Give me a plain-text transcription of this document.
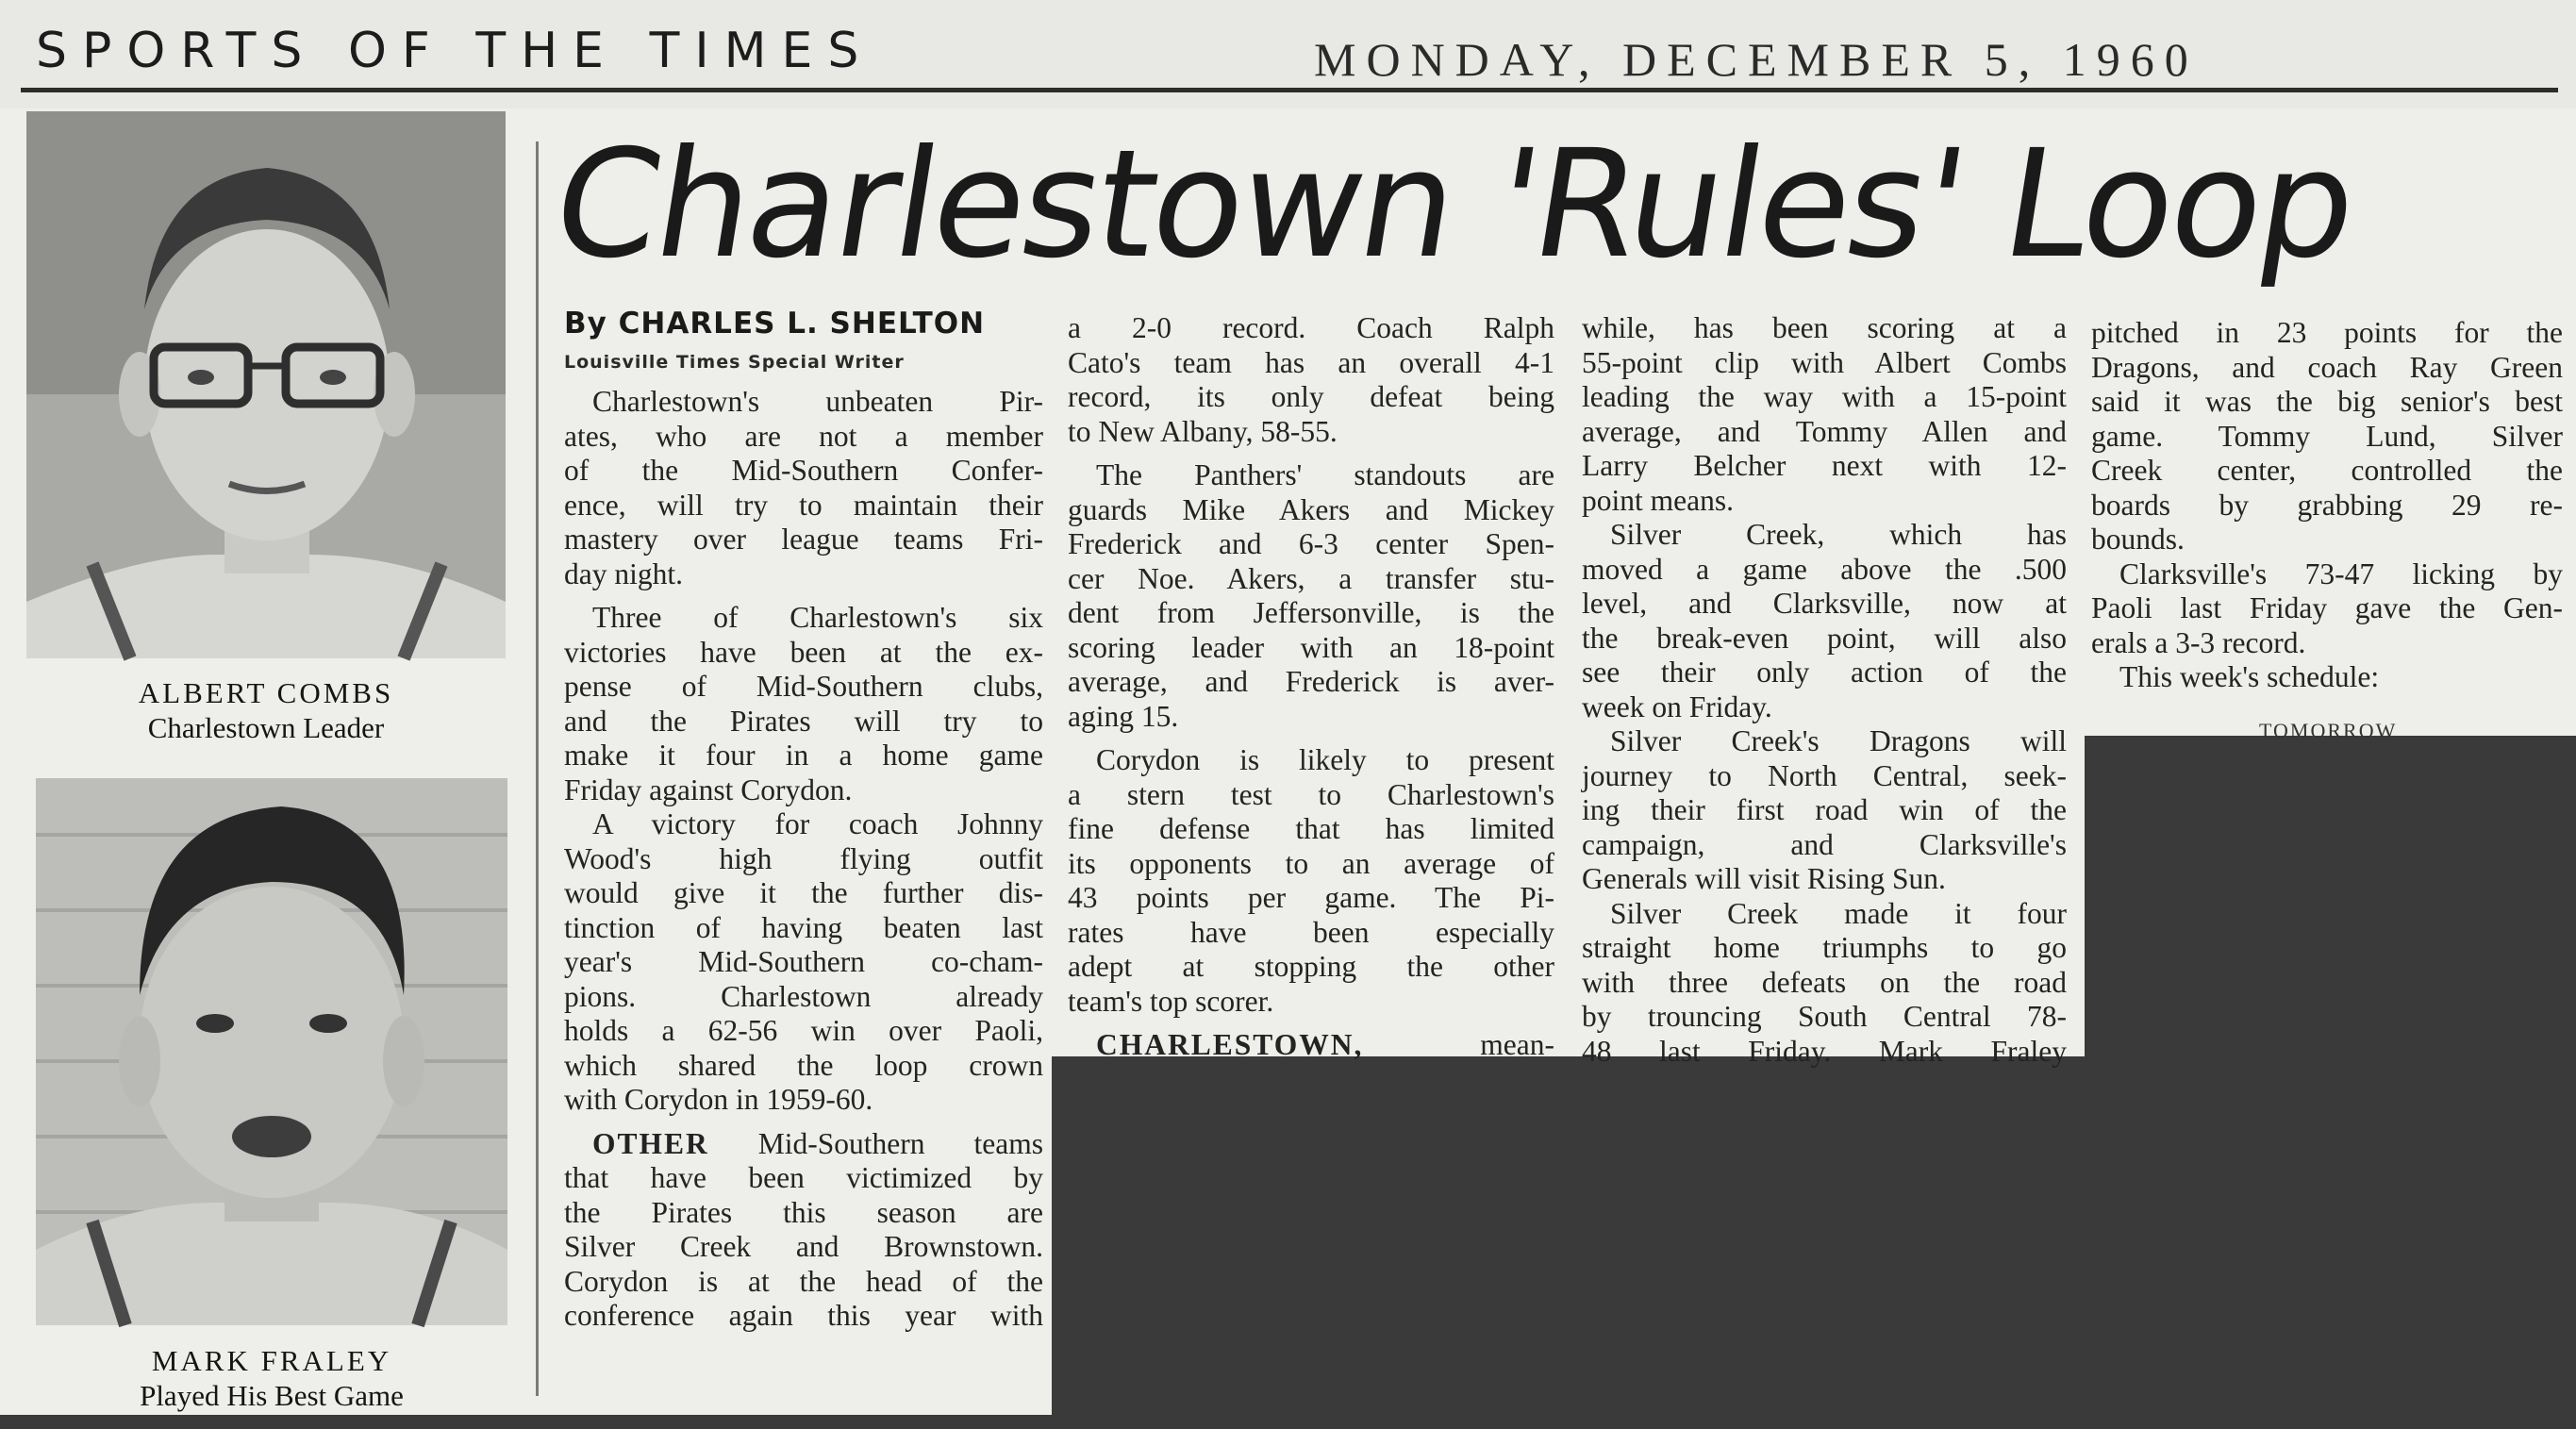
SPORTS OF THE TIMES	MONDAY, DECEMBER 5, 1960
ALBERT COMBS
Charlestown Leader
MARK FRALEY
Played His Best Game
Charlestown 'Rules' Loop
By CHARLES L. SHELTON
Louisville Times Special Writer

Charlestown's unbeaten Pir-

ates, who are not a member

of the Mid-Southern Confer-

ence, will try to maintain their

mastery over league teams Fri-

day night.

Three of Charlestown's six

victories have been at the ex-

pense of Mid-Southern clubs,

and the Pirates will try to

make it four in a home game

Friday against Corydon.

A victory for coach Johnny

Wood's high flying outfit

would give it the further dis-

tinction of having beaten last

year's Mid-Southern co-cham-

pions. Charlestown already

holds a 62-56 win over Paoli,

which shared the loop crown

with Corydon in 1959-60.

OTHER Mid-Southern teams

that have been victimized by

the Pirates this season are

Silver Creek and Brownstown.

Corydon is at the head of the

conference again this year with

a 2-0 record. Coach Ralph

Cato's team has an overall 4-1

record, its only defeat being

to New Albany, 58-55.

The Panthers' standouts are

guards Mike Akers and Mickey

Frederick and 6-3 center Spen-

cer Noe. Akers, a transfer stu-

dent from Jeffersonville, is the

scoring leader with an 18-point

average, and Frederick is aver-

aging 15.

Corydon is likely to present

a stern test to Charlestown's

fine defense that has limited

its opponents to an average of

43 points per game. The Pi-

rates have been especially

adept at stopping the other

team's top scorer.

CHARLESTOWN, mean-

while, has been scoring at a

55-point clip with Albert Combs

leading the way with a 15-point

average, and Tommy Allen and

Larry Belcher next with 12-

point means.

Silver Creek, which has

moved a game above the .500

level, and Clarksville, now at

the break-even point, will also

see their only action of the

week on Friday.

Silver Creek's Dragons will

journey to North Central, seek-

ing their first road win of the

campaign, and Clarksville's

Generals will visit Rising Sun.

Silver Creek made it four

straight home triumphs to go

with three defeats on the road

by trouncing South Central 78-

48 last Friday. Mark Fraley

pitched in 23 points for the

Dragons, and coach Ray Green

said it was the big senior's best

game. Tommy Lund, Silver

Creek center, controlled the

boards by grabbing 29 re-

bounds.

Clarksville's 73-47 licking by

Paoli last Friday gave the Gen-

erals a 3-3 record.

This week's schedule:

TOMORROW
